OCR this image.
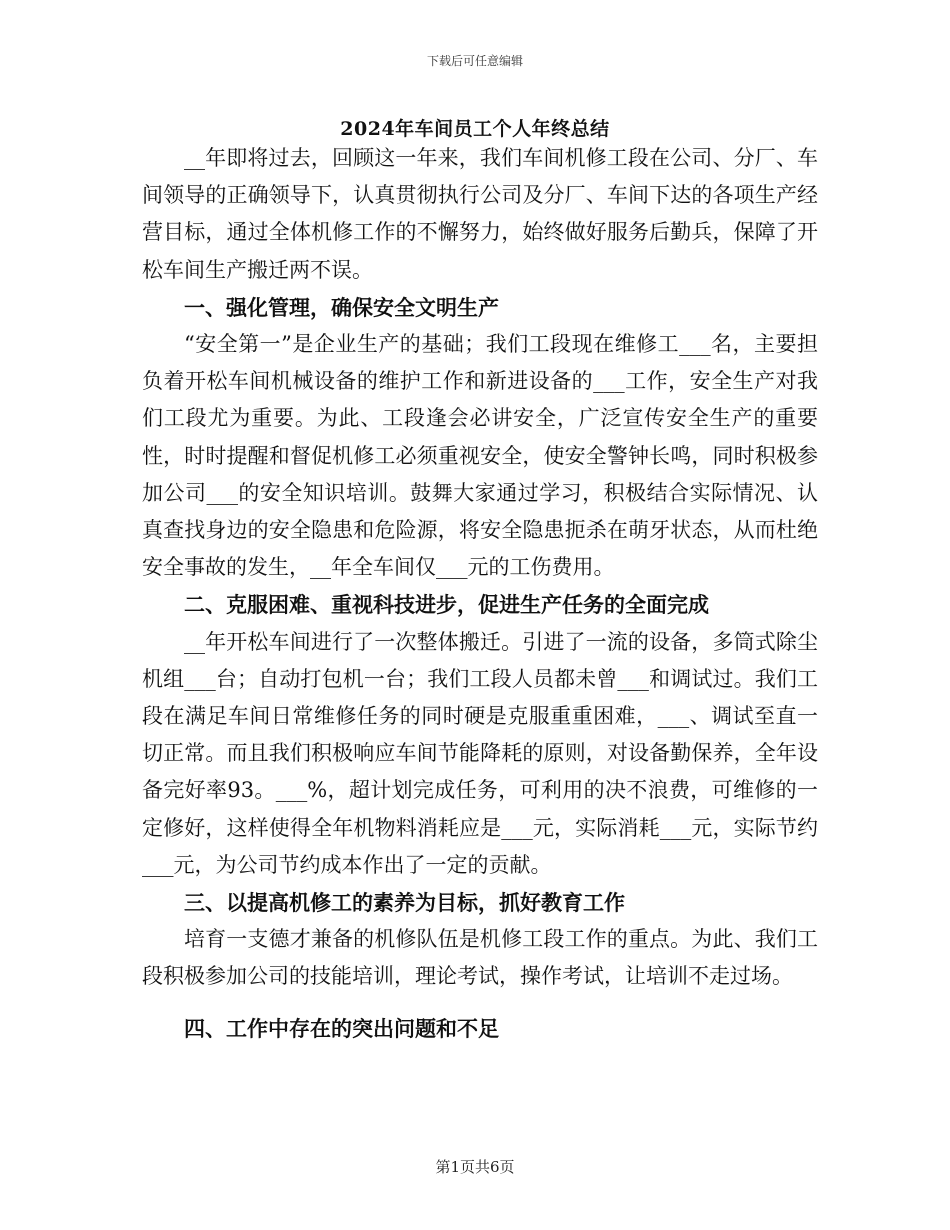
下载后可任意编辑
2024年车间员工个人年终总结

__年即将过去，回顾这一年来，我们车间机修工段在公司、分厂、车间领导的正确领导下，认真贯彻执行公司及分厂、车间下达的各项生产经营目标，通过全体机修工作的不懈努力，始终做好服务后勤兵，保障了开松车间生产搬迁两不误。

一、强化管理，确保安全文明生产

“安全第一”是企业生产的基础；我们工段现在维修工___名，主要担负着开松车间机械设备的维护工作和新进设备的___工作，安全生产对我们工段尤为重要。为此、工段逢会必讲安全，广泛宣传安全生产的重要性，时时提醒和督促机修工必须重视安全，使安全警钟长鸣，同时积极参加公司___的安全知识培训。鼓舞大家通过学习，积极结合实际情况、认真查找身边的安全隐患和危险源，将安全隐患扼杀在萌牙状态，从而杜绝安全事故的发生，__年全车间仅___元的工伤费用。

二、克服困难、重视科技进步，促进生产任务的全面完成

__年开松车间进行了一次整体搬迁。引进了一流的设备，多筒式除尘机组___台；自动打包机一台；我们工段人员都未曾___和调试过。我们工段在满足车间日常维修任务的同时硬是克服重重困难，___、调试至直一切正常。而且我们积极响应车间节能降耗的原则，对设备勤保养，全年设备完好率93。___%，超计划完成任务，可利用的决不浪费，可维修的一定修好，这样使得全年机物料消耗应是___元，实际消耗___元，实际节约___元，为公司节约成本作出了一定的贡献。

三、以提高机修工的素养为目标，抓好教育工作

培育一支德才兼备的机修队伍是机修工段工作的重点。为此、我们工段积极参加公司的技能培训，理论考试，操作考试，让培训不走过场。

四、工作中存在的突出问题和不足

第1页共6页
